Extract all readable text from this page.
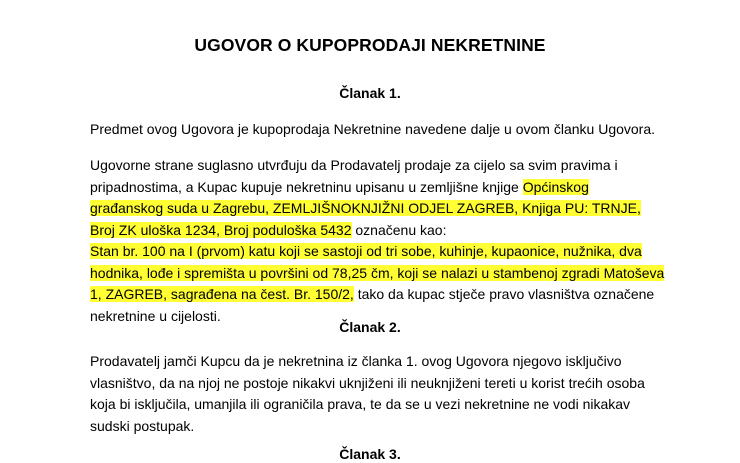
UGOVOR O KUPOPRODAJI NEKRETNINE
Članak 1.
Predmet ovog Ugovora je kupoprodaja Nekretnine navedene dalje u ovom članku Ugovora.
Ugovorne strane suglasno utvrđuju da Prodavatelj prodaje za cijelo sa svim pravima i
pripadnostima, a Kupac kupuje nekretninu upisanu u zemljišne knjige Općinskog
građanskog suda u Zagrebu, ZEMLJIŠNOKNJIŽNI ODJEL ZAGREB, Knjiga PU: TRNJE,
Broj ZK uloška 1234, Broj poduloška 5432 označenu kao:
Stan br. 100 na I (prvom) katu koji se sastoji od tri sobe, kuhinje, kupaonice, nužnika, dva
hodnika, lođe i spremišta u površini od 78,25 čm, koji se nalazi u stambenoj zgradi Matoševa
1, ZAGREB, sagrađena na čest. Br. 150/2, tako da kupac stječe pravo vlasništva označene
nekretnine u cijelosti.
Članak 2.
Prodavatelj jamči Kupcu da je nekretnina iz članka 1. ovog Ugovora njegovo isključivo
vlasništvo, da na njoj ne postoje nikakvi uknjiženi ili neuknjiženi tereti u korist trećih osoba
koja bi isključila, umanjila ili ograničila prava, te da se u vezi nekretnine ne vodi nikakav
sudski postupak.
Članak 3.
